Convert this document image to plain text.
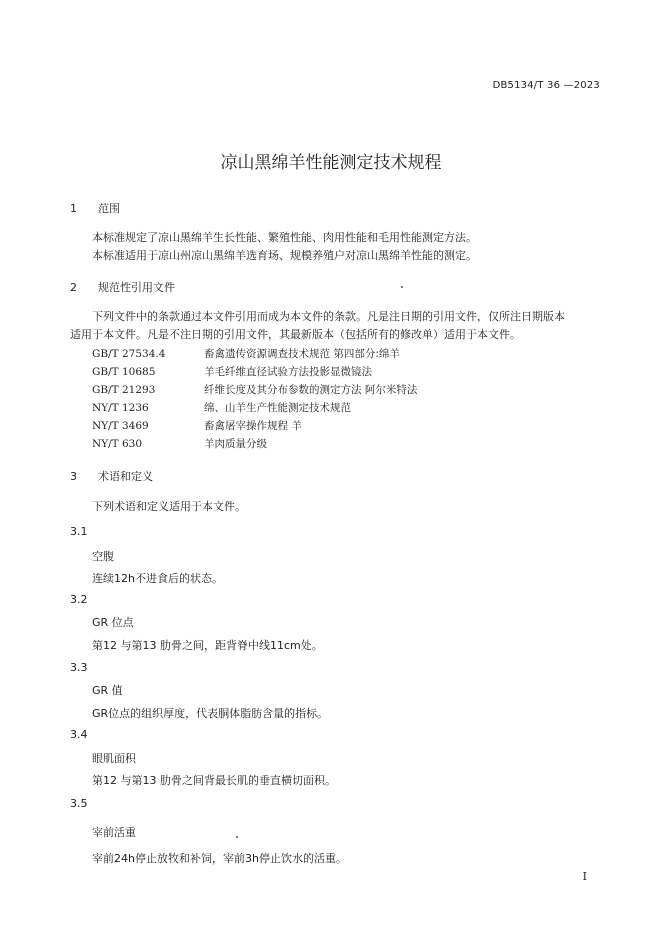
DB5134/T 36 —2023
凉山黑绵羊性能测定技术规程
1 范围
本标准规定了凉山黑绵羊生长性能、繁殖性能、肉用性能和毛用性能测定方法。
本标准适用于凉山州凉山黑绵羊选育场、规模养殖户对凉山黑绵羊性能的测定。
2 规范性引用文件
下列文件中的条款通过本文件引用而成为本文件的条款。凡是注日期的引用文件，仅所注日期版本
适用于本文件。凡是不注日期的引用文件，其最新版本（包括所有的修改单）适用于本文件。
GB/T 27534.4	畜禽遗传资源调查技术规范 第四部分:绵羊
GB/T 10685	羊毛纤维直径试验方法投影显微镜法
GB/T 21293	纤维长度及其分布参数的测定方法 阿尔米特法
NY/T 1236	绵、山羊生产性能测定技术规范
NY/T 3469	畜禽屠宰操作规程 羊
NY/T 630	羊肉质量分级
3 术语和定义
下列术语和定义适用于本文件。
3.1
空腹
连续12h不进食后的状态。
3.2
GR 位点
第12 与第13 肋骨之间，距背脊中线11cm处。
3.3
GR 值
GR位点的组织厚度，代表胴体脂肪含量的指标。
3.4
眼肌面积
第12 与第13 肋骨之间背最长肌的垂直横切面积。
3.5
宰前活重
宰前24h停止放牧和补饲，宰前3h停止饮水的活重。
I
